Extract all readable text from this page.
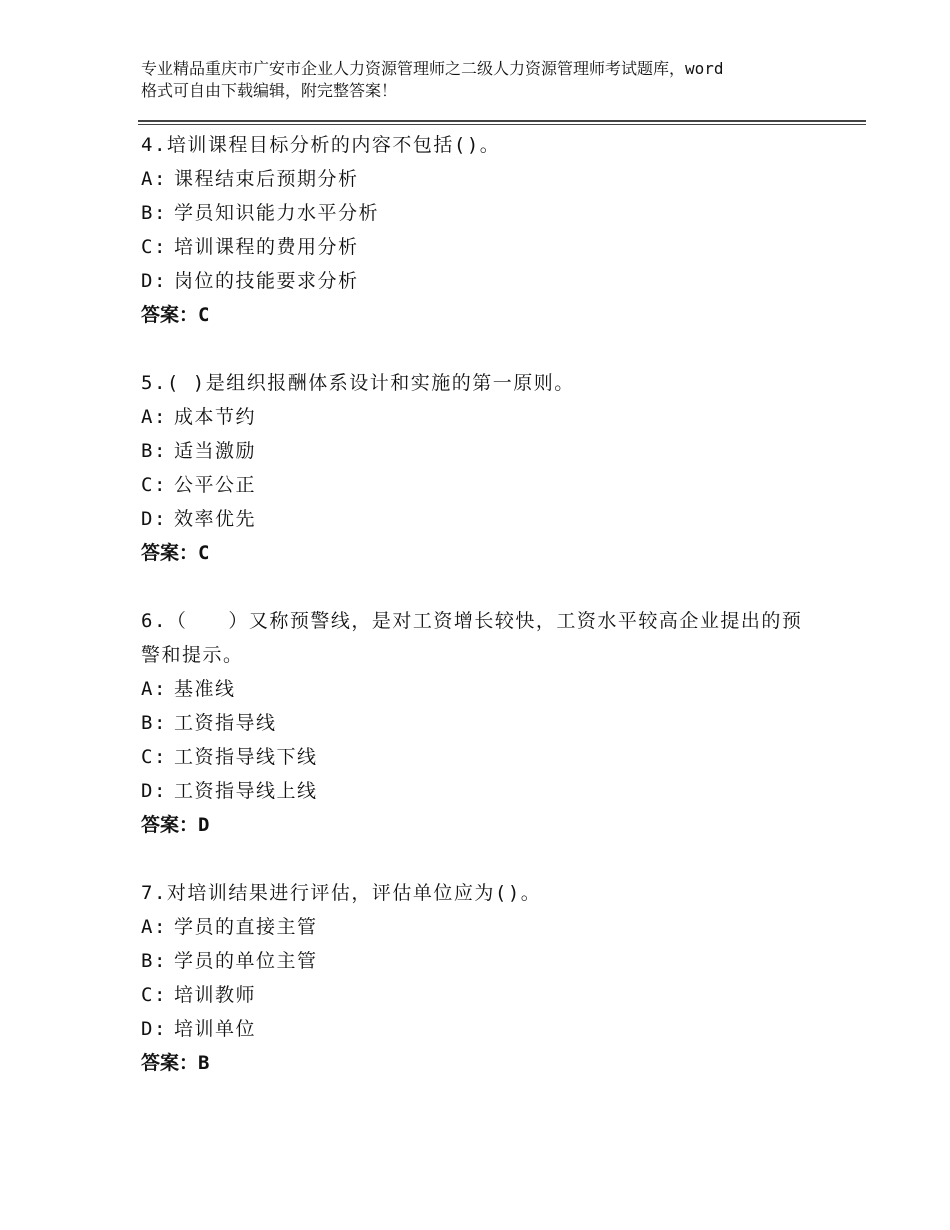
专业精品重庆市广安市企业人力资源管理师之二级人力资源管理师考试题库，word
格式可自由下载编辑，附完整答案！
4.培训课程目标分析的内容不包括()。
A: 课程结束后预期分析
B: 学员知识能力水平分析
C: 培训课程的费用分析
D: 岗位的技能要求分析
答案：C
5.( )是组织报酬体系设计和实施的第一原则。
A: 成本节约
B: 适当激励
C: 公平公正
D: 效率优先
答案：C
6.（　　）又称预警线，是对工资增长较快，工资水平较高企业提出的预警和提示。
A: 基准线
B: 工资指导线
C: 工资指导线下线
D: 工资指导线上线
答案：D
7.对培训结果进行评估，评估单位应为()。
A: 学员的直接主管
B: 学员的单位主管
C: 培训教师
D: 培训单位
答案：B
